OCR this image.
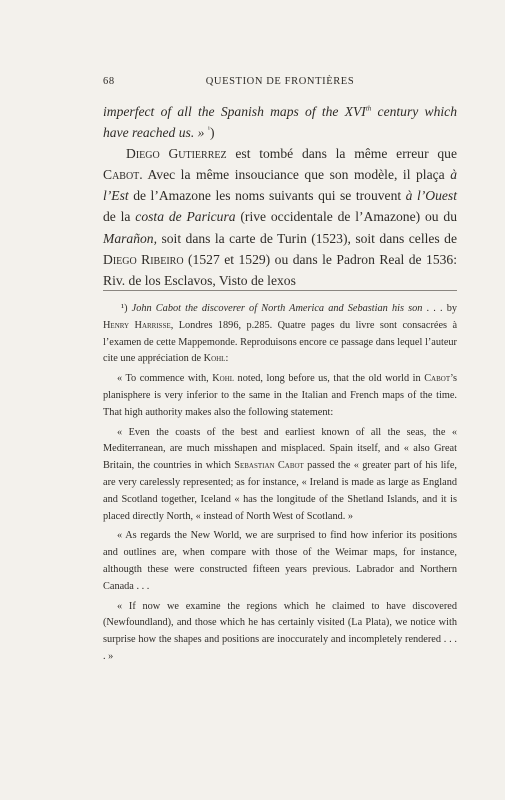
68	QUESTION DE FRONTIÈRES

imperfect of all the Spanish maps of the XVIth century which have reached us. » $^{^1}$)

Diego Gutierrez est tombé dans la même erreur que Cabot. Avec la même insouciance que son modèle, il plaça à l’Est de l’Amazone les noms suivants qui se trouvent à l’Ouest de la costa de Paricura (rive occidentale de l’Amazone) ou du Marañon, soit dans la carte de Turin (1523), soit dans celles de Diego Ribeiro (1527 et 1529) ou dans le Padron Real de 1536: Riv. de los Esclavos, Visto de lexos

¹) John Cabot the discoverer of North America and Sebastian his son . . . by Henry Harrisse, Londres 1896, p.285. Quatre pages du livre sont consacrées à l’examen de cette Mappemonde. Reproduisons encore ce passage dans lequel l’auteur cite une appréciation de Kohl:

« To commence with, Kohl noted, long before us, that the old world in Cabot’s planisphere is very inferior to the same in the Italian and French maps of the time. That high authority makes also the following statement:

« Even the coasts of the best and earliest known of all the seas, the « Mediterranean, are much misshapen and misplaced. Spain itself, and « also Great Britain, the countries in which Sebastian Cabot passed the « greater part of his life, are very carelessly represented; as for instance, « Ireland is made as large as England and Scotland together, Iceland « has the longitude of the Shetland Islands, and it is placed directly North, « instead of North West of Scotland. »

« As regards the New World, we are surprised to find how inferior its positions and outlines are, when compare with those of the Weimar maps, for instance, althougth these were constructed fifteen years previous. Labrador and Northern Canada . . .

« If now we examine the regions which he claimed to have discovered (Newfoundland), and those which he has certainly visited (La Plata), we notice with surprise how the shapes and positions are inoccurately and incompletely rendered . . . . »
